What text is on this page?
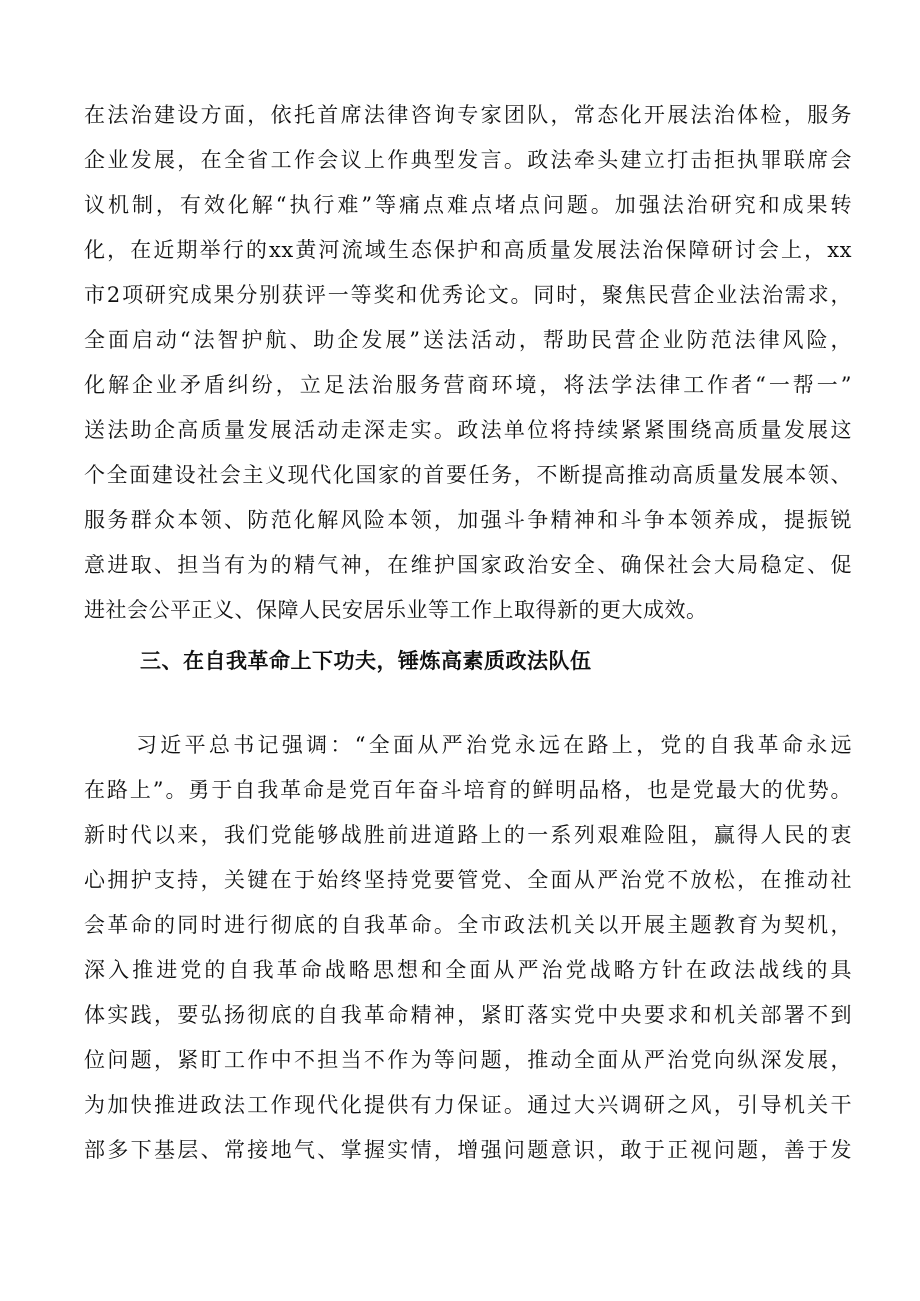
在法治建设方面，依托首席法律咨询专家团队，常态化开展法治体检，服务
企业发展，在全省工作会议上作典型发言。政法牵头建立打击拒执罪联席会
议机制，有效化解“执行难”等痛点难点堵点问题。加强法治研究和成果转
化，在近期举行的xx黄河流域生态保护和高质量发展法治保障研讨会上，xx
市2项研究成果分别获评一等奖和优秀论文。同时，聚焦民营企业法治需求，
全面启动“法智护航、助企发展”送法活动，帮助民营企业防范法律风险，
化解企业矛盾纠纷，立足法治服务营商环境，将法学法律工作者“一帮一”
送法助企高质量发展活动走深走实。政法单位将持续紧紧围绕高质量发展这
个全面建设社会主义现代化国家的首要任务，不断提高推动高质量发展本领、
服务群众本领、防范化解风险本领，加强斗争精神和斗争本领养成，提振锐
意进取、担当有为的精气神，在维护国家政治安全、确保社会大局稳定、促
进社会公平正义、保障人民安居乐业等工作上取得新的更大成效。
三、在自我革命上下功夫，锤炼高素质政法队伍
习近平总书记强调：“全面从严治党永远在路上，党的自我革命永远
在路上”。勇于自我革命是党百年奋斗培育的鲜明品格，也是党最大的优势。
新时代以来，我们党能够战胜前进道路上的一系列艰难险阻，赢得人民的衷
心拥护支持，关键在于始终坚持党要管党、全面从严治党不放松，在推动社
会革命的同时进行彻底的自我革命。全市政法机关以开展主题教育为契机，
深入推进党的自我革命战略思想和全面从严治党战略方针在政法战线的具
体实践，要弘扬彻底的自我革命精神，紧盯落实党中央要求和机关部署不到
位问题，紧盯工作中不担当不作为等问题，推动全面从严治党向纵深发展，
为加快推进政法工作现代化提供有力保证。通过大兴调研之风，引导机关干
部多下基层、常接地气、掌握实情，增强问题意识，敢于正视问题，善于发
